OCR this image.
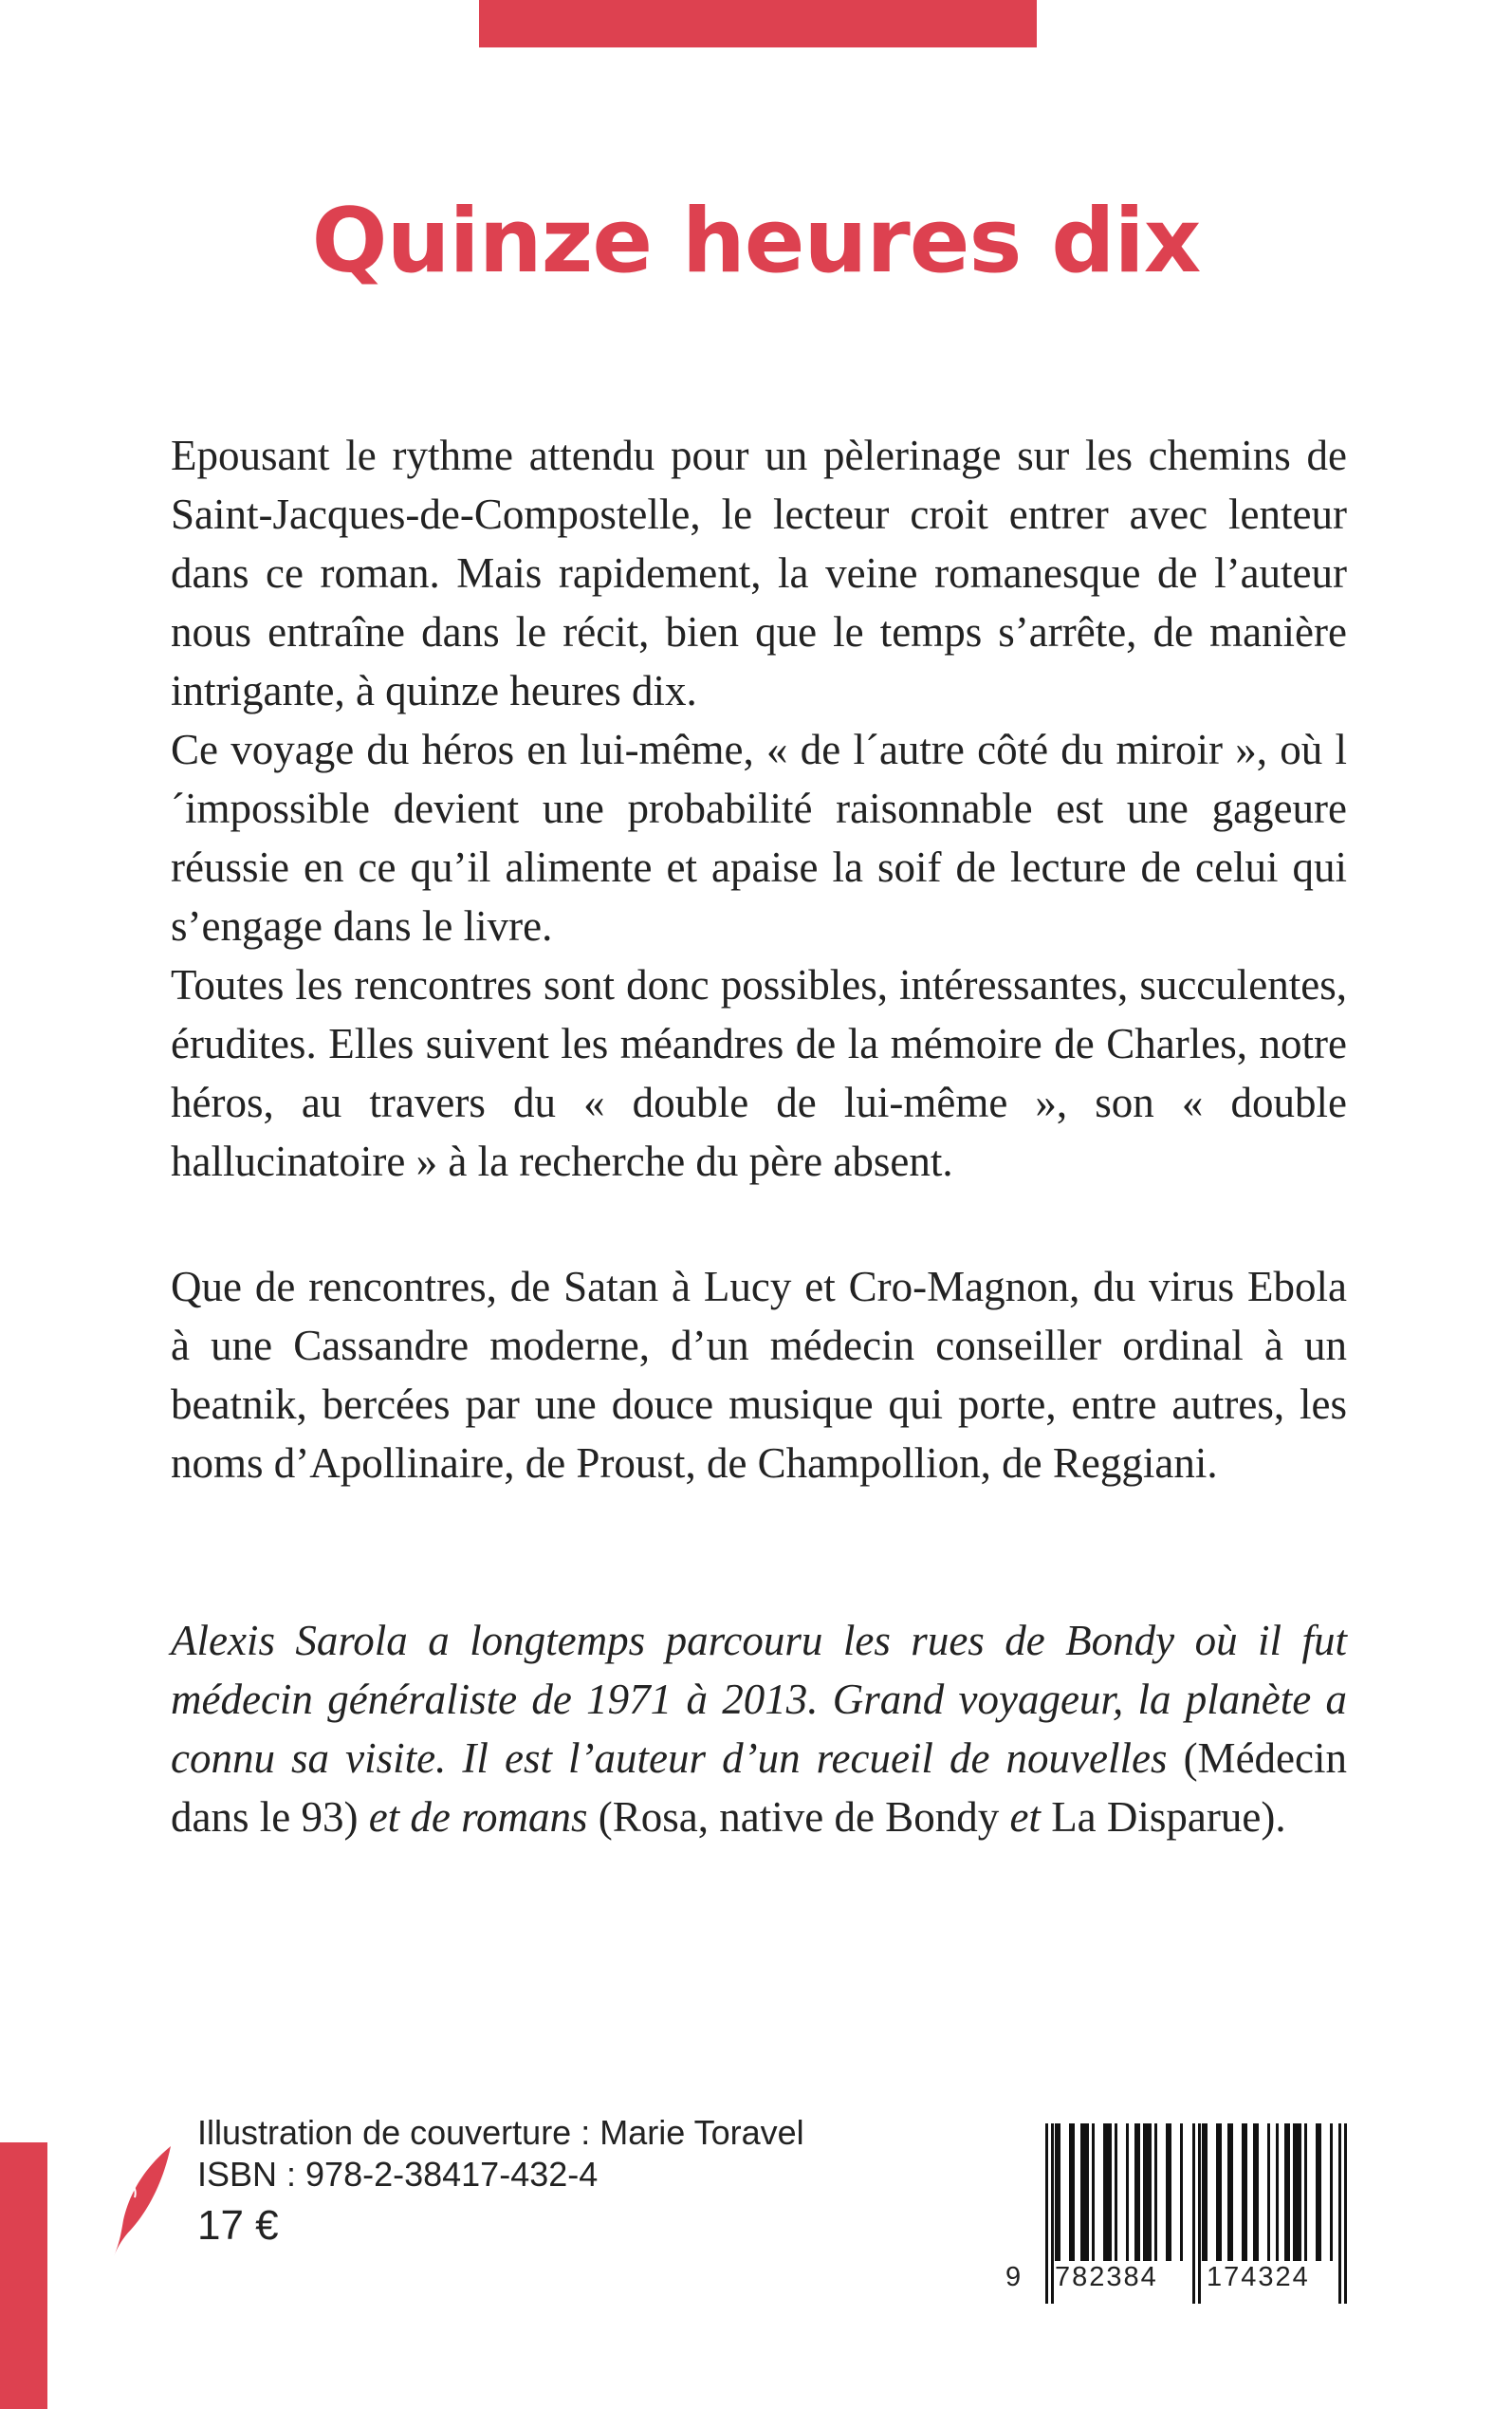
Quinze heures dix
Epousant le rythme attendu pour un pèlerinage sur les chemins de Saint-Jacques-de-Compostelle, le lecteur croit entrer avec lenteur dans ce roman. Mais rapidement, la veine romanesque de l’auteur nous entraîne dans le récit, bien que le temps s’arrête, de manière intrigante, à quinze heures dix.
Ce voyage du héros en lui-même, « de l´autre côté du miroir », où l´impossible devient une probabilité raisonnable est une gageure réussie en ce qu’il alimente et apaise la soif de lecture de celui qui s’engage dans le livre.
Toutes les rencontres sont donc possibles, intéressantes, succulentes, érudites. Elles suivent les méandres de la mémoire de Charles, notre héros, au travers du « double de lui-même », son « double hallucinatoire » à la recherche du père absent.
Que de rencontres, de Satan à Lucy et Cro-Magnon, du virus Ebola à une Cassandre moderne, d’un médecin conseiller ordinal à un beatnik, bercées par une douce musique qui porte, entre autres, les noms d’Apollinaire, de Proust, de Champollion, de Reggiani.
Alexis Sarola a longtemps parcouru les rues de Bondy où il fut médecin généraliste de 1971 à 2013. Grand voyageur, la planète a connu sa visite. Il est l’auteur d’un recueil de nouvelles (Médecin dans le 93) et de romans (Rosa, native de Bondy et La Disparue).
Illustration de couverture : Marie Toravel
ISBN : 978-2-38417-432-4
17 €
9 782384 174324
